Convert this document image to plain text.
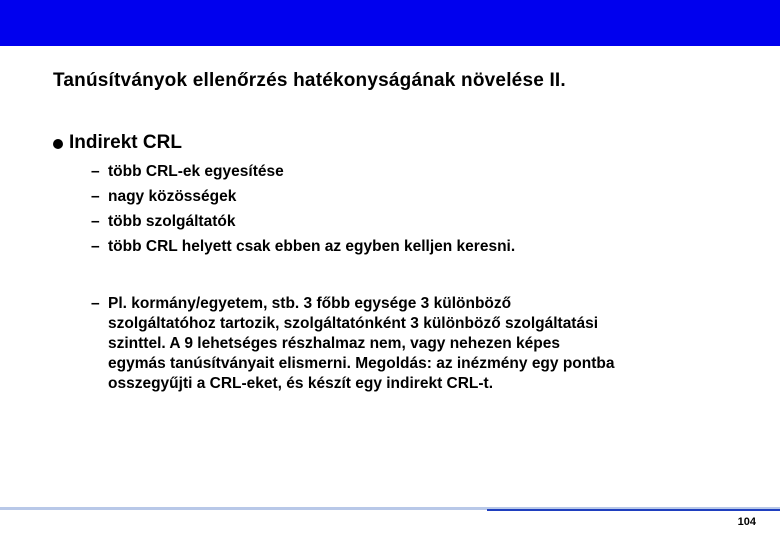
Tanúsítványok ellenőrzés hatékonyságának növelése II.
Indirekt CRL
– több CRL-ek egyesítése
– nagy közösségek
– több szolgáltatók
– több CRL helyett csak ebben az egyben kelljen keresni.
– Pl. kormány/egyetem, stb. 3 főbb egysége 3 különböző
szolgáltatóhoz tartozik, szolgáltatónként 3 különböző szolgáltatási
szinttel. A 9 lehetséges részhalmaz nem, vagy nehezen képes
egymás tanúsítványait elismerni. Megoldás: az inézmény egy pontba
osszegyűjti a CRL-eket, és készít egy indirekt CRL-t.
104
